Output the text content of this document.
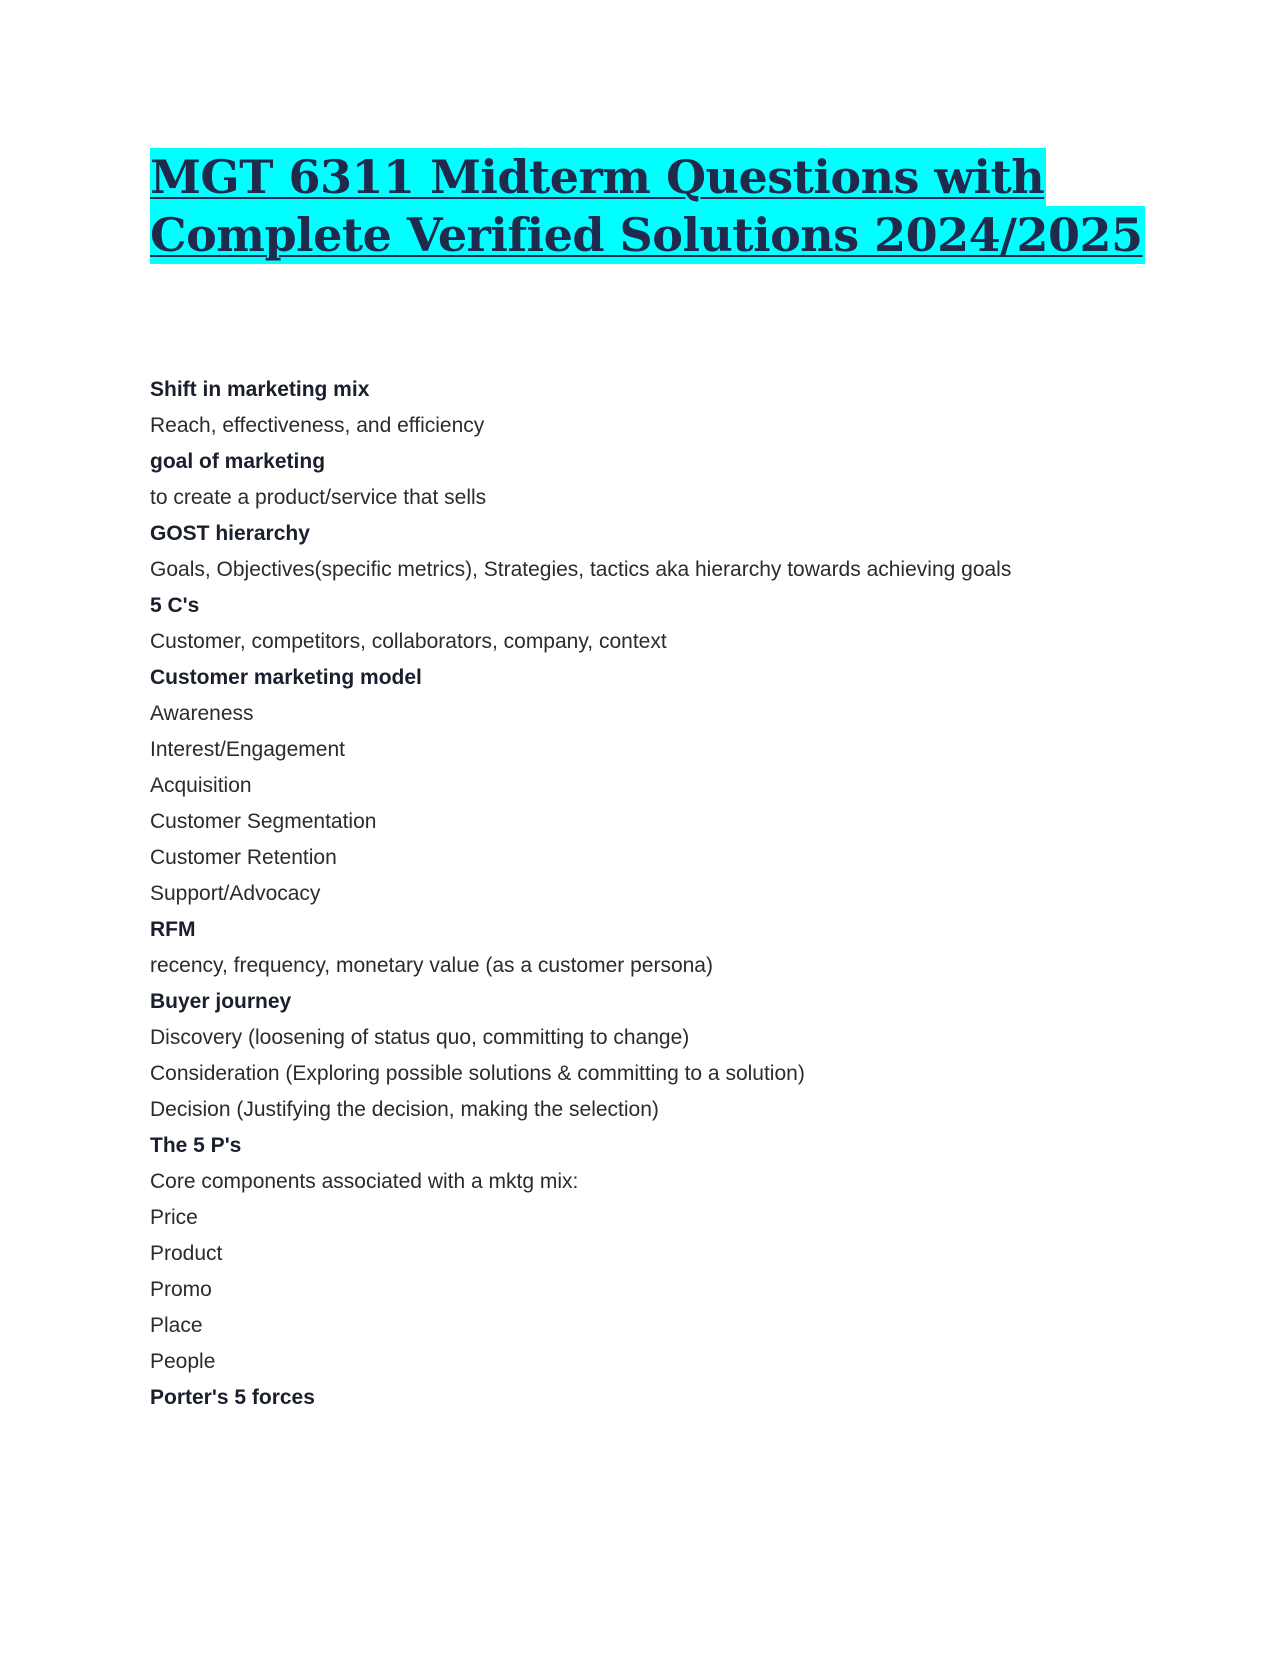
MGT 6311 Midterm Questions with
Complete Verified Solutions 2024/2025
Shift in marketing mix
Reach, effectiveness, and efficiency
goal of marketing
to create a product/service that sells
GOST hierarchy
Goals, Objectives(specific metrics), Strategies, tactics aka hierarchy towards achieving goals
5 C's
Customer, competitors, collaborators, company, context
Customer marketing model
Awareness
Interest/Engagement
Acquisition
Customer Segmentation
Customer Retention
Support/Advocacy
RFM
recency, frequency, monetary value (as a customer persona)
Buyer journey
Discovery (loosening of status quo, committing to change)
Consideration (Exploring possible solutions & committing to a solution)
Decision (Justifying the decision, making the selection)
The 5 P's
Core components associated with a mktg mix:
Price
Product
Promo
Place
People
Porter's 5 forces
